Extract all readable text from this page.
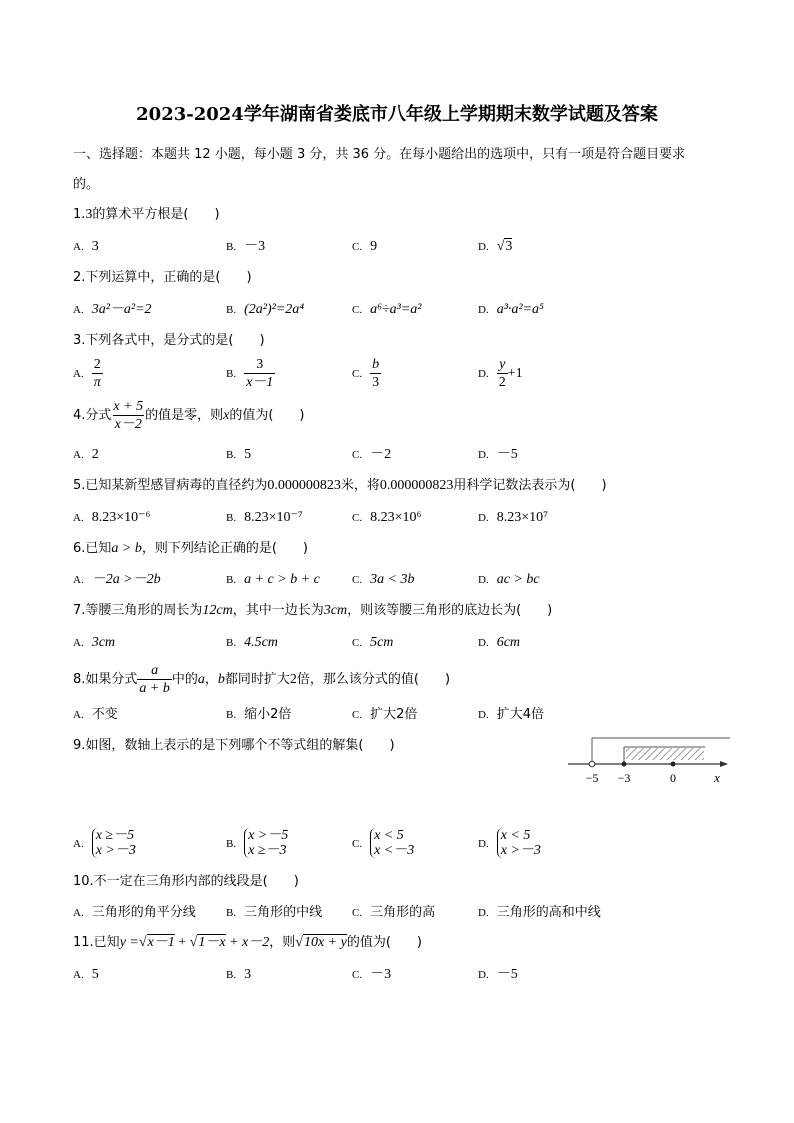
2023-2024学年湖南省娄底市八年级上学期期末数学试题及答案
一、选择题：本题共 12 小题，每小题 3 分，共 36 分。在每小题给出的选项中，只有一项是符合题目要求
的。
1.3的算术平方根是(　　)
A. 3	B. －3	C. 9	D. √3
2.下列运算中，正确的是(　　)
A. 3a²－a²=2	B. (2a²)²=2a⁴	C. a⁶÷a³=a²	D. a³·a²=a⁵
3.下列各式中，是分式的是(　　)
A. $\frac{2}{\pi}$	B. $\frac{3}{x-1}$	C. $\frac{b}{3}$	D. $\frac{y}{2} +1$
4.分式 $\frac{x + 5}{x-2}$ 的值是零，则x的值为(　　)
A. 2	B. 5	C. －2	D. －5
5.已知某新型感冒病毒的直径约为0.000000823米，将0.000000823用科学记数法表示为(　　)
A. 8.23×10⁻⁶	B. 8.23×10⁻⁷	C. 8.23×10⁶	D. 8.23×10⁷
6.已知a > b，则下列结论正确的是(　　)
A. －2a >－2b	B. a + c > b + c	C. 3a < 3b	D. ac > bc
7.等腰三角形的周长为12cm，其中一边长为3cm，则该等腰三角形的底边长为(　　)
A. 3cm	B. 4.5cm	C. 5cm	D. 6cm
8.如果分式 $\frac{a}{a + b}$ 中的a，b都同时扩大2倍，那么该分式的值(　　)
A. 不变	B. 缩小2倍	C. 扩大2倍	D. 扩大4倍
9.如图，数轴上表示的是下列哪个不等式组的解集(　　)
−5 −3	0	x
A.
x ≥－5
x >－3	B.
x >－5
x ≥－3	C.
x < 5
x <－3	D.
x < 5
x >－3
10.不一定在三角形内部的线段是(　　)
A. 三角形的角平分线	B. 三角形的中线	C. 三角形的高	D. 三角形的高和中线
11.已知y =√x－1 + √1－x + x－2，则√10x + y的值为(　　)
A. 5	B. 3	C. －3	D. －5
